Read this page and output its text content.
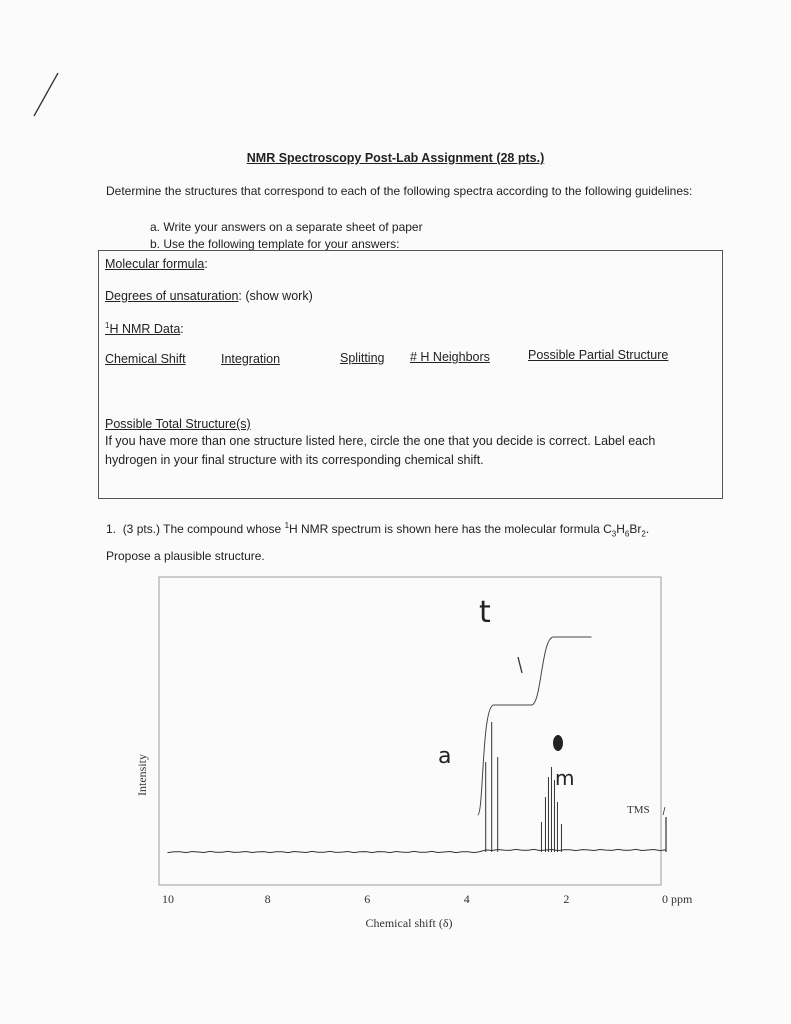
NMR Spectroscopy Post-Lab Assignment (28 pts.)
Determine the structures that correspond to each of the following spectra according to the following guidelines:
a. Write your answers on a separate sheet of paper
b. Use the following template for your answers:
Molecular formula:
Degrees of unsaturation: (show work)
$^1$H NMR Data:
Chemical Shift	Integration	Splitting # H Neighbors	Possible Partial Structure
Possible Total Structure(s)
If you have more than one structure listed here, circle the one that you decide is correct. Label each hydrogen in your final structure with its corresponding chemical shift.
1. (3 pts.) The compound whose $^1$H NMR spectrum is shown here has the molecular formula $C_3H_6Br_2$.
Propose a plausible structure.
Intensity
Chemical shift (δ)
TMS
t
a
m
10	8	6	4	2	0 ppm
